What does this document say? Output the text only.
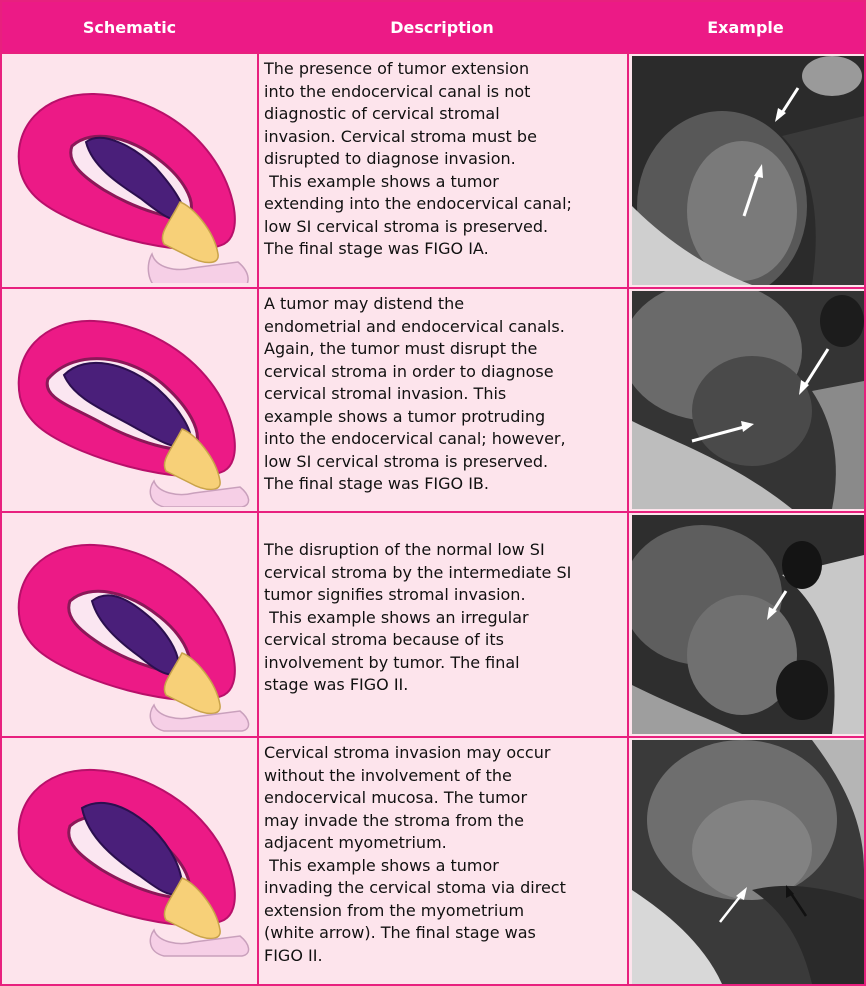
Schematic	Description	Example
The presence of tumor extension
into the endocervical canal is not
diagnostic of cervical stromal
invasion. Cervical stroma must be
disrupted to diagnose invasion.
This example shows a tumor
extending into the endocervical canal;
low SI cervical stroma is preserved.
The final stage was FIGO IA.
A tumor may distend the
endometrial and endocervical canals.
Again, the tumor must disrupt the
cervical stroma in order to diagnose
cervical stromal invasion. This
example shows a tumor protruding
into the endocervical canal; however,
low SI cervical stroma is preserved.
The final stage was FIGO IB.
The disruption of the normal low SI
cervical stroma by the intermediate SI
tumor signifies stromal invasion.
This example shows an irregular
cervical stroma because of its
involvement by tumor. The final
stage was FIGO II.
Cervical stroma invasion may occur
without the involvement of the
endocervical mucosa. The tumor
may invade the stroma from the
adjacent myometrium.
This example shows a tumor
invading the cervical stoma via direct
extension from the myometrium
(white arrow). The final stage was
FIGO II.
